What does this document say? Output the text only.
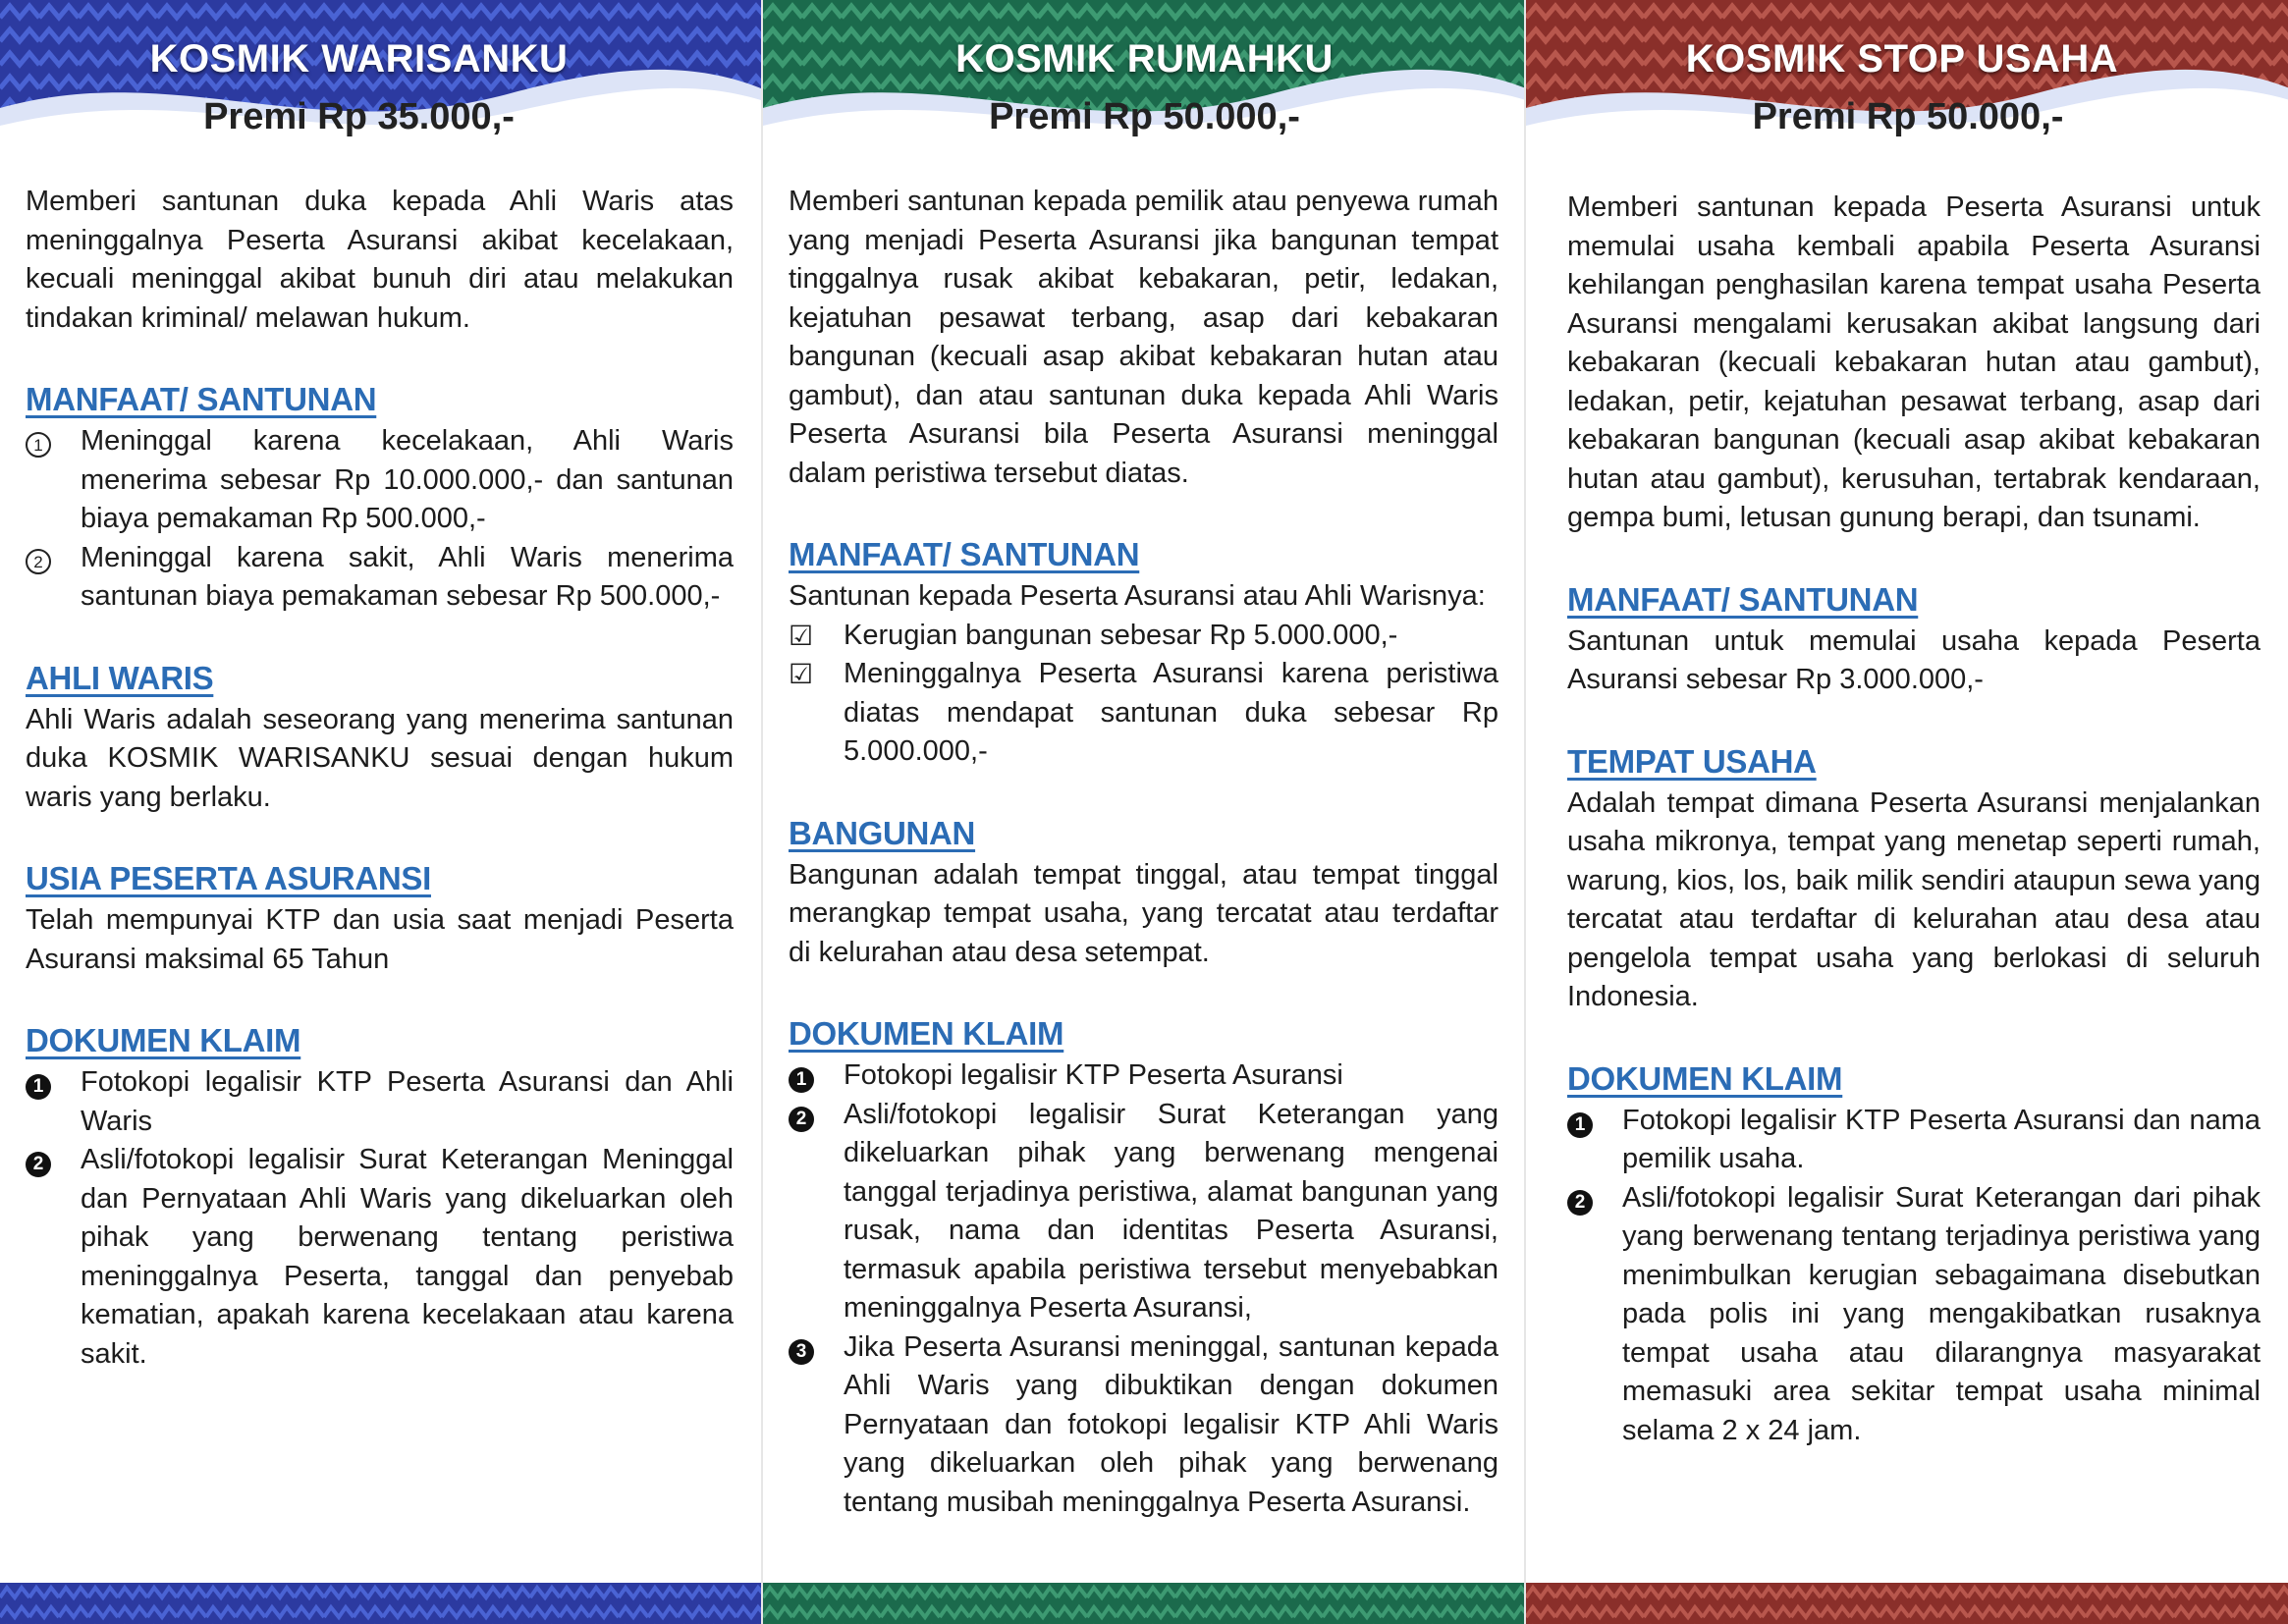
KOSMIK WARISANKU
Premi Rp 35.000,-

Memberi santunan duka kepada Ahli Waris atas meninggalnya Peserta Asuransi akibat kecelakaan, kecuali meninggal akibat bunuh diri atau melakukan tindakan kriminal/ melawan hukum.

MANFAAT/ SANTUNAN
1	Meninggal karena kecelakaan, Ahli Waris menerima sebesar Rp 10.000.000,- dan santunan biaya pemakaman Rp 500.000,-
2	Meninggal karena sakit, Ahli Waris menerima santunan biaya pemakaman sebesar Rp 500.000,-
AHLI WARIS

Ahli Waris adalah seseorang yang menerima santunan duka KOSMIK WARISANKU sesuai dengan hukum waris yang berlaku.

USIA PESERTA ASURANSI

Telah mempunyai KTP dan usia saat menjadi Peserta Asuransi maksimal 65 Tahun

DOKUMEN KLAIM
1	Fotokopi legalisir KTP Peserta Asuransi dan Ahli Waris
2	Asli/fotokopi legalisir Surat Keterangan Meninggal dan Pernyataan Ahli Waris yang dikeluarkan oleh pihak yang berwenang tentang peristiwa meninggalnya Peserta, tanggal dan penyebab kematian, apakah karena kecelakaan atau karena sakit.
KOSMIK RUMAHKU
Premi Rp 50.000,-

Memberi santunan kepada pemilik atau penyewa rumah yang menjadi Peserta Asuransi jika bangunan tempat tinggalnya rusak akibat kebakaran, petir, ledakan, kejatuhan pesawat terbang, asap dari kebakaran bangunan (kecuali asap akibat kebakaran hutan atau gambut), dan atau santunan duka kepada Ahli Waris Peserta Asuransi bila Peserta Asuransi meninggal dalam peristiwa tersebut diatas.

MANFAAT/ SANTUNAN

Santunan kepada Peserta Asuransi atau Ahli Warisnya:

☑	Kerugian bangunan sebesar Rp 5.000.000,-
☑	Meninggalnya Peserta Asuransi karena peristiwa diatas mendapat santunan duka sebesar Rp 5.000.000,-
BANGUNAN

Bangunan adalah tempat tinggal, atau tempat tinggal merangkap tempat usaha, yang tercatat atau terdaftar di kelurahan atau desa setempat.

DOKUMEN KLAIM
1	Fotokopi legalisir KTP Peserta Asuransi
2	Asli/fotokopi legalisir Surat Keterangan yang dikeluarkan pihak yang berwenang mengenai tanggal terjadinya peristiwa, alamat bangunan yang rusak, nama dan identitas Peserta Asuransi, termasuk apabila peristiwa tersebut menyebabkan meninggalnya Peserta Asuransi,
3	Jika Peserta Asuransi meninggal, santunan kepada Ahli Waris yang dibuktikan dengan dokumen Pernyataan dan fotokopi legalisir KTP Ahli Waris yang dikeluarkan oleh pihak yang berwenang tentang musibah meninggalnya Peserta Asuransi.
KOSMIK STOP USAHA
Premi Rp 50.000,-

Memberi santunan kepada Peserta Asuransi untuk memulai usaha kembali apabila Peserta Asuransi kehilangan penghasilan karena tempat usaha Peserta Asuransi mengalami kerusakan akibat langsung dari kebakaran (kecuali kebakaran hutan atau gambut), ledakan, petir, kejatuhan pesawat terbang, asap dari kebakaran bangunan (kecuali asap akibat kebakaran hutan atau gambut), kerusuhan, tertabrak kendaraan, gempa bumi, letusan gunung berapi, dan tsunami.

MANFAAT/ SANTUNAN

Santunan untuk memulai usaha kepada Peserta Asuransi sebesar Rp 3.000.000,-

TEMPAT USAHA

Adalah tempat dimana Peserta Asuransi menjalankan usaha mikronya, tempat yang menetap seperti rumah, warung, kios, los, baik milik sendiri ataupun sewa yang tercatat atau terdaftar di kelurahan atau desa atau pengelola tempat usaha yang berlokasi di seluruh Indonesia.

DOKUMEN KLAIM
1	Fotokopi legalisir KTP Peserta Asuransi dan nama pemilik usaha.
2	Asli/fotokopi legalisir Surat Keterangan dari pihak yang berwenang tentang terjadinya peristiwa yang menimbulkan kerugian sebagaimana disebutkan pada polis ini yang mengakibatkan rusaknya tempat usaha atau dilarangnya masyarakat memasuki area sekitar tempat usaha minimal selama 2 x 24 jam.
